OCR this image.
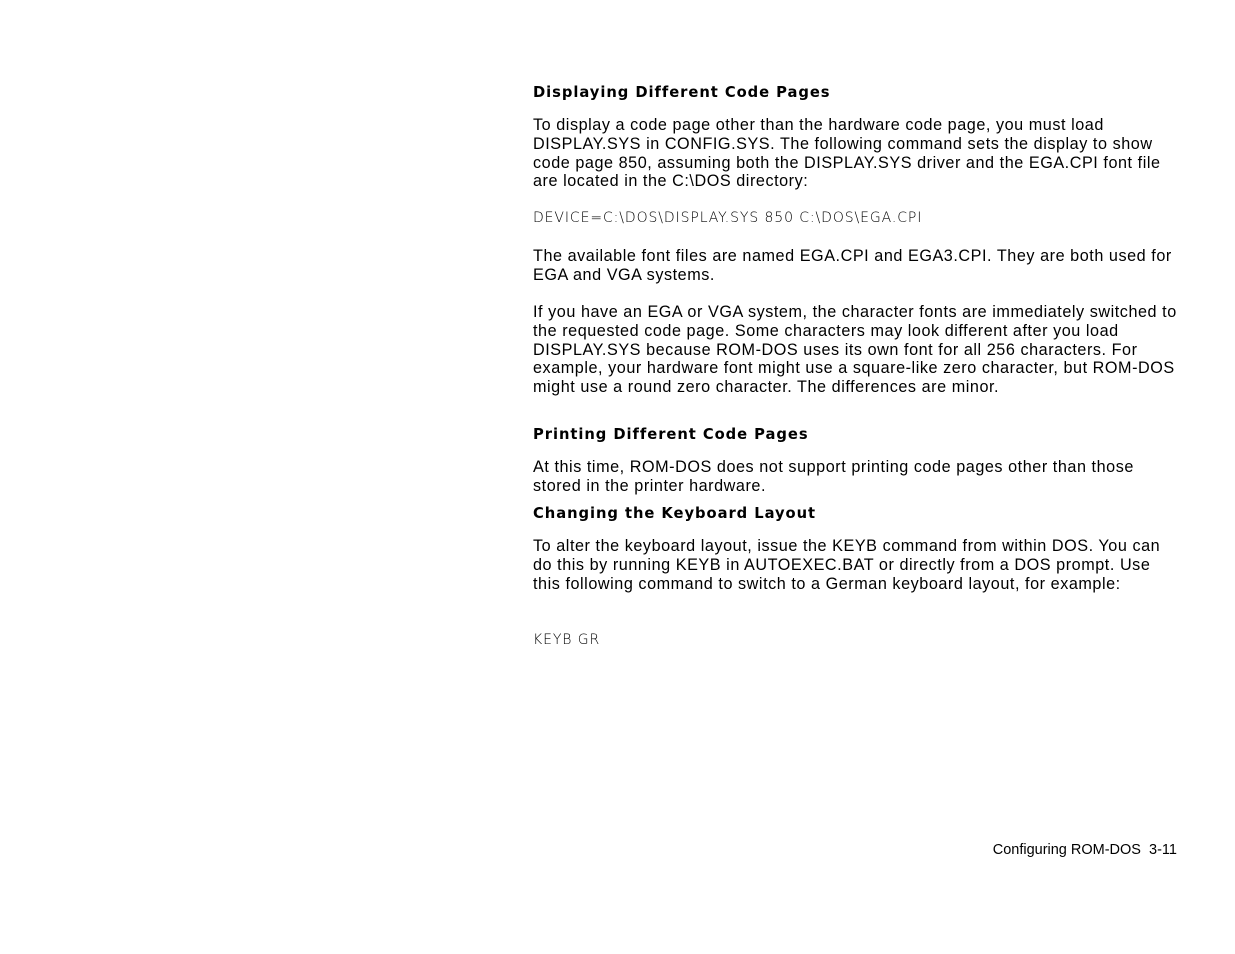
Displaying Different Code Pages

To display a code page other than the hardware code page, you must load DISPLAY.SYS in CONFIG.SYS. The following command sets the display to show code page 850, assuming both the DISPLAY.SYS driver and the EGA.CPI font file are located in the C:\DOS directory:

DEVICE=C:\DOS\DISPLAY.SYS 850 C:\DOS\EGA.CPI

The available font files are named EGA.CPI and EGA3.CPI. They are both used for EGA and VGA systems.

If you have an EGA or VGA system, the character fonts are immediately switched to the requested code page. Some characters may look different after you load DISPLAY.SYS because ROM-DOS uses its own font for all 256 characters. For example, your hardware font might use a square-like zero character, but ROM-DOS might use a round zero character. The differences are minor.

Printing Different Code Pages

At this time, ROM-DOS does not support printing code pages other than those stored in the printer hardware.

Changing the Keyboard Layout

To alter the keyboard layout, issue the KEYB command from within DOS. You can do this by running KEYB in AUTOEXEC.BAT or directly from a DOS prompt. Use this following command to switch to a German keyboard layout, for example:

KEYB GR
Configuring ROM-DOS  3-11
